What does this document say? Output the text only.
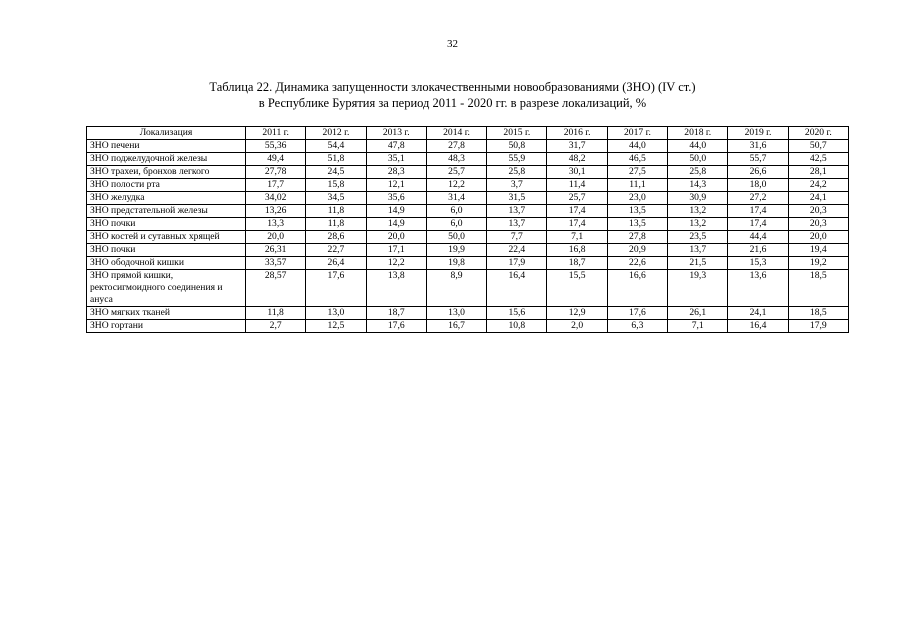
32
Таблица 22. Динамика запущенности злокачественными новообразованиями (ЗНО) (IV ст.)
в Республике Бурятия за период 2011 - 2020 гг. в разрезе локализаций, %
Локализация	2011 г.	2012 г.	2013 г.	2014 г.	2015 г.	2016 г.	2017 г.	2018 г.	2019 г.	2020 г.
ЗНО печени	55,36	54,4	47,8	27,8	50,8	31,7	44,0	44,0	31,6	50,7
ЗНО поджелудочной железы	49,4	51,8	35,1	48,3	55,9	48,2	46,5	50,0	55,7	42,5
ЗНО трахеи, бронхов легкого	27,78	24,5	28,3	25,7	25,8	30,1	27,5	25,8	26,6	28,1
ЗНО полости рта	17,7	15,8	12,1	12,2	3,7	11,4	11,1	14,3	18,0	24,2
ЗНО желудка	34,02	34,5	35,6	31,4	31,5	25,7	23,0	30,9	27,2	24,1
ЗНО предстательной железы	13,26	11,8	14,9	6,0	13,7	17,4	13,5	13,2	17,4	20,3
ЗНО почки	13,3	11,8	14,9	6,0	13,7	17,4	13,5	13,2	17,4	20,3
ЗНО костей и сутавных хрящей	20,0	28,6	20,0	50,0	7,7	7,1	27,8	23,5	44,4	20,0
ЗНО почки	26,31	22,7	17,1	19,9	22,4	16,8	20,9	13,7	21,6	19,4
ЗНО ободочной кишки	33,57	26,4	12,2	19,8	17,9	18,7	22,6	21,5	15,3	19,2
ЗНО прямой кишки, ректосигмоидного соединения и ануса	28,57	17,6	13,8	8,9	16,4	15,5	16,6	19,3	13,6	18,5
ЗНО мягких тканей	11,8	13,0	18,7	13,0	15,6	12,9	17,6	26,1	24,1	18,5
ЗНО гортани	2,7	12,5	17,6	16,7	10,8	2,0	6,3	7,1	16,4	17,9
